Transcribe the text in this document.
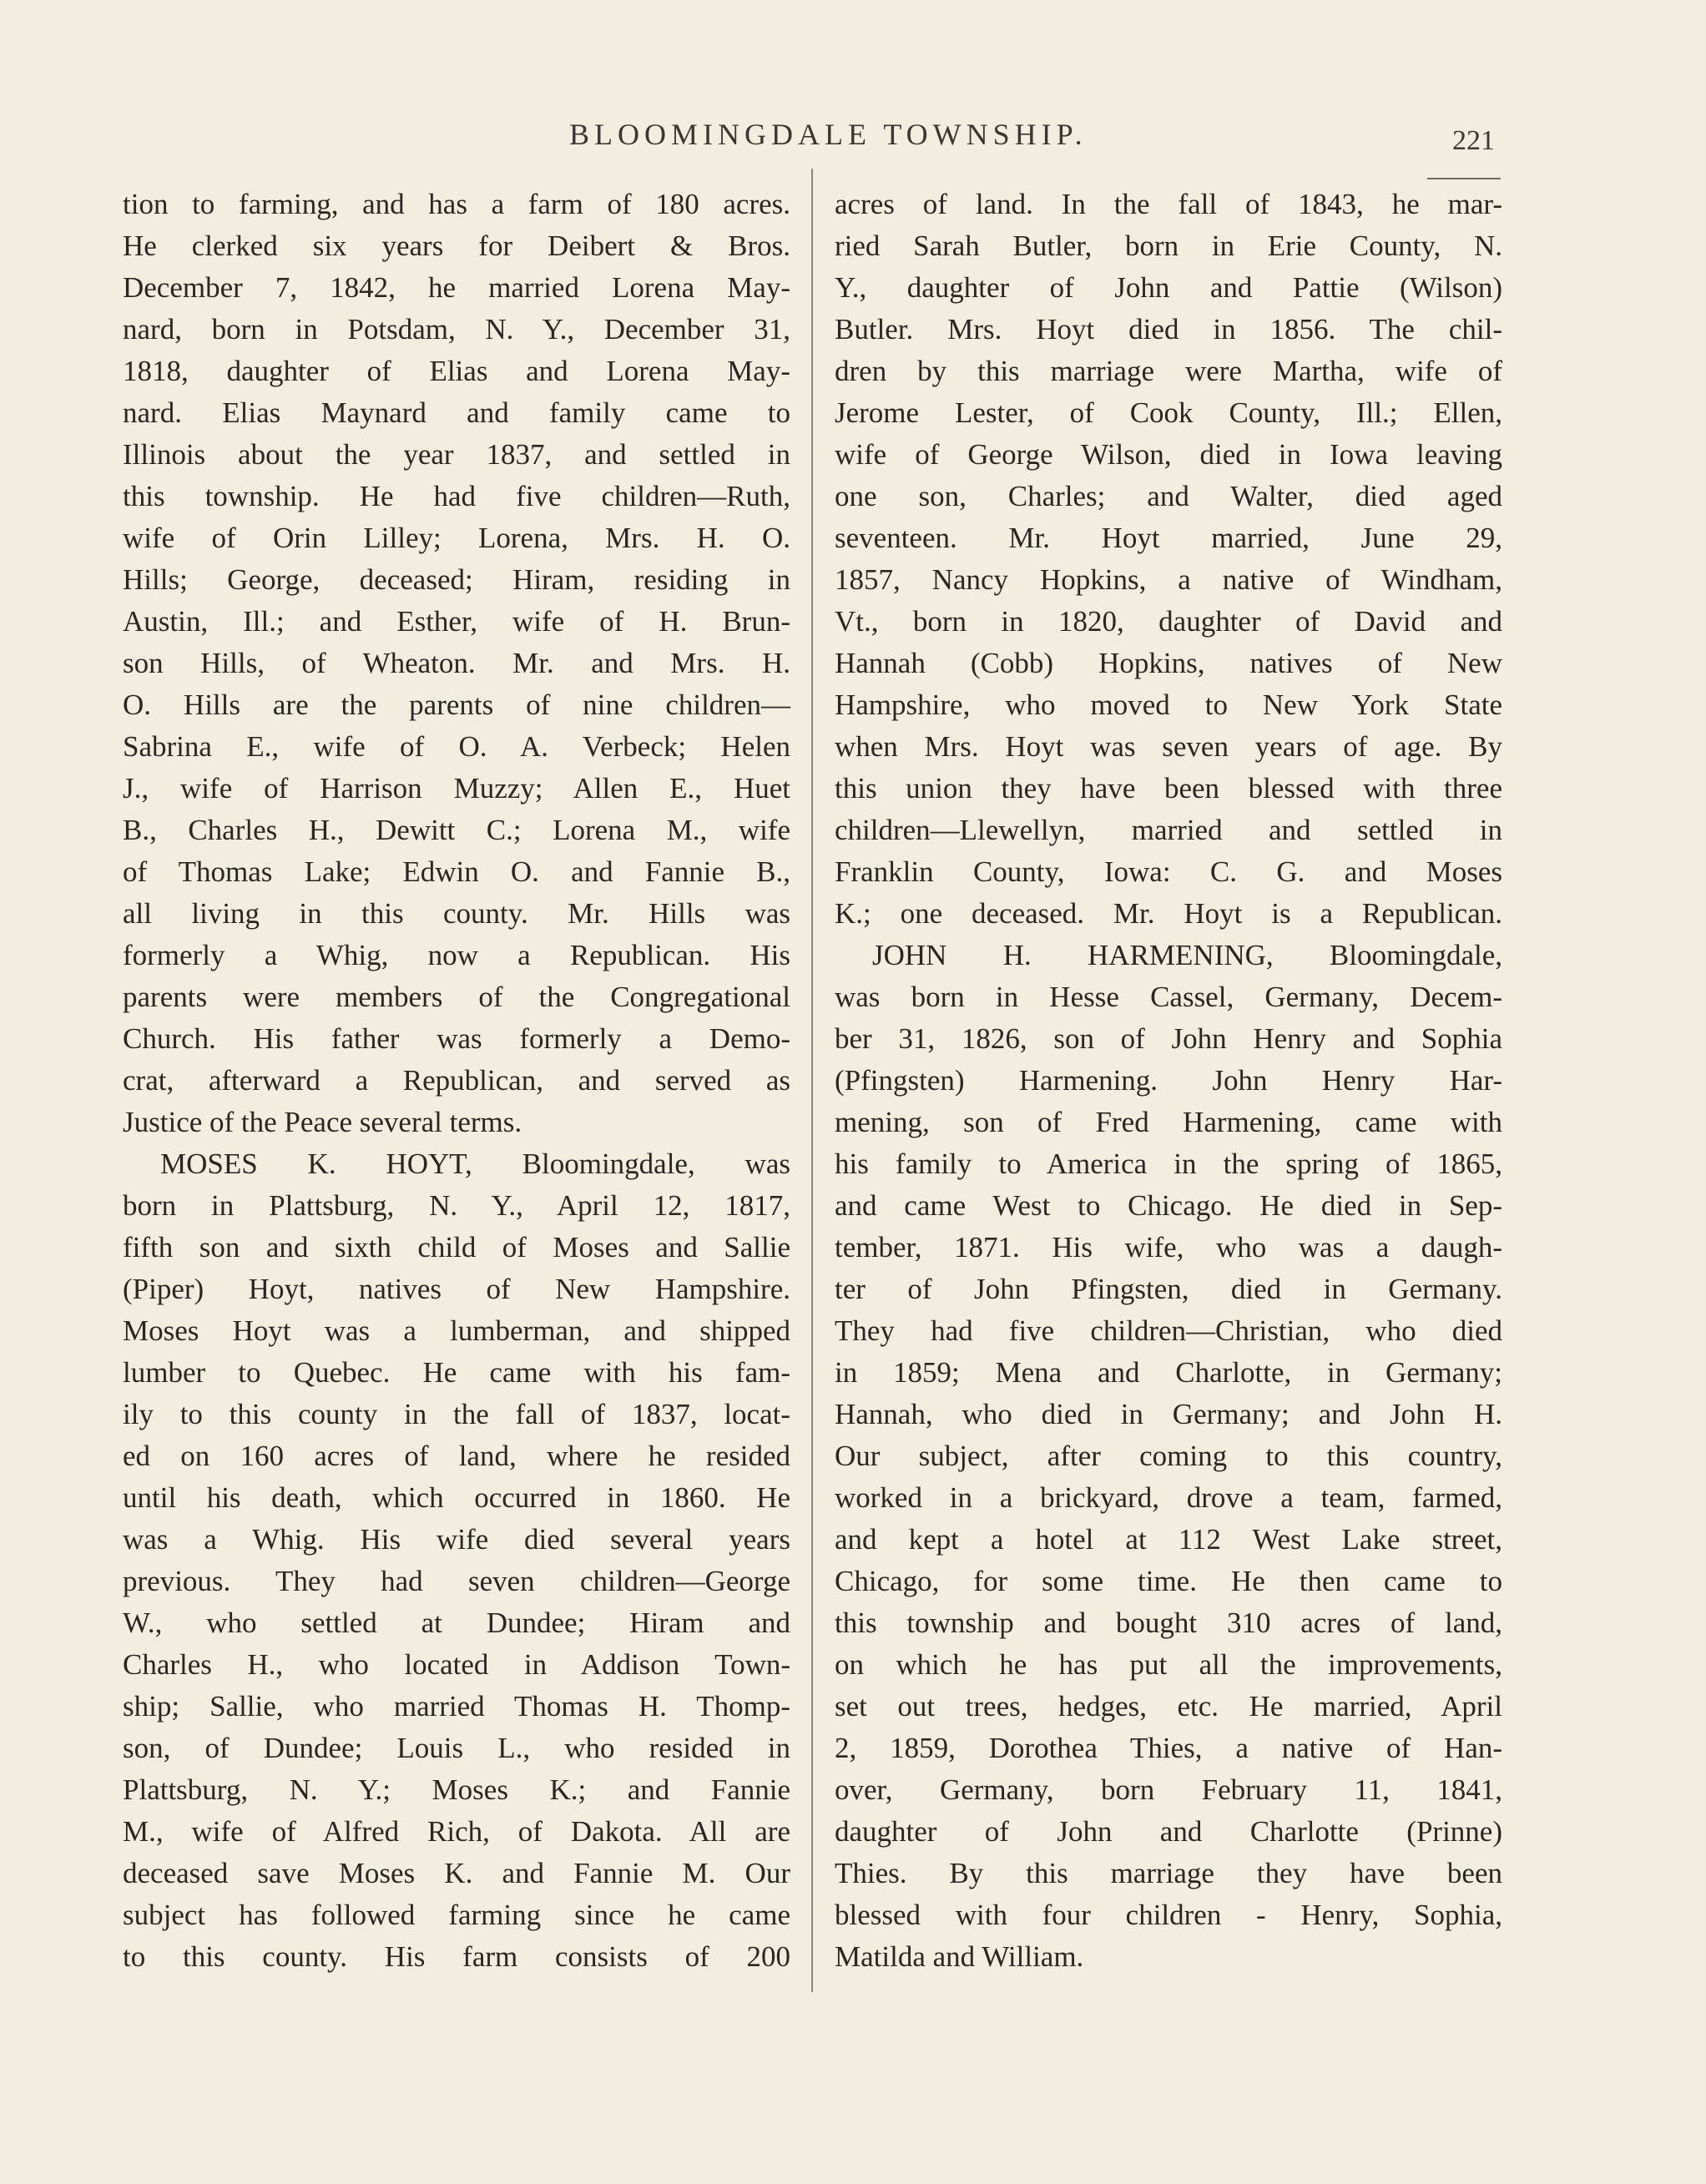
BLOOMINGDALE TOWNSHIP.	221
tion to farming, and has a farm of 180 acres.
He clerked six years for Deibert & Bros.
December 7, 1842, he married Lorena May-
nard, born in Potsdam, N. Y., December 31,
1818, daughter of Elias and Lorena May-
nard. Elias Maynard and family came to
Illinois about the year 1837, and settled in
this township. He had five children—Ruth,
wife of Orin Lilley; Lorena, Mrs. H. O.
Hills; George, deceased; Hiram, residing in
Austin, Ill.; and Esther, wife of H. Brun-
son Hills, of Wheaton. Mr. and Mrs. H.
O. Hills are the parents of nine children—
Sabrina E., wife of O. A. Verbeck; Helen
J., wife of Harrison Muzzy; Allen E., Huet
B., Charles H., Dewitt C.; Lorena M., wife
of Thomas Lake; Edwin O. and Fannie B.,
all living in this county. Mr. Hills was
formerly a Whig, now a Republican. His
parents were members of the Congregational
Church. His father was formerly a Demo-
crat, afterward a Republican, and served as
Justice of the Peace several terms.
MOSES K. HOYT, Bloomingdale, was
born in Plattsburg, N. Y., April 12, 1817,
fifth son and sixth child of Moses and Sallie
(Piper) Hoyt, natives of New Hampshire.
Moses Hoyt was a lumberman, and shipped
lumber to Quebec. He came with his fam-
ily to this county in the fall of 1837, locat-
ed on 160 acres of land, where he resided
until his death, which occurred in 1860. He
was a Whig. His wife died several years
previous. They had seven children—George
W., who settled at Dundee; Hiram and
Charles H., who located in Addison Town-
ship; Sallie, who married Thomas H. Thomp-
son, of Dundee; Louis L., who resided in
Plattsburg, N. Y.; Moses K.; and Fannie
M., wife of Alfred Rich, of Dakota. All are
deceased save Moses K. and Fannie M. Our
subject has followed farming since he came
to this county. His farm consists of 200
acres of land. In the fall of 1843, he mar-
ried Sarah Butler, born in Erie County, N.
Y., daughter of John and Pattie (Wilson)
Butler. Mrs. Hoyt died in 1856. The chil-
dren by this marriage were Martha, wife of
Jerome Lester, of Cook County, Ill.; Ellen,
wife of George Wilson, died in Iowa leaving
one son, Charles; and Walter, died aged
seventeen. Mr. Hoyt married, June 29,
1857, Nancy Hopkins, a native of Windham,
Vt., born in 1820, daughter of David and
Hannah (Cobb) Hopkins, natives of New
Hampshire, who moved to New York State
when Mrs. Hoyt was seven years of age. By
this union they have been blessed with three
children—Llewellyn, married and settled in
Franklin County, Iowa: C. G. and Moses
K.; one deceased. Mr. Hoyt is a Republican.
JOHN H. HARMENING, Bloomingdale,
was born in Hesse Cassel, Germany, Decem-
ber 31, 1826, son of John Henry and Sophia
(Pfingsten) Harmening. John Henry Har-
mening, son of Fred Harmening, came with
his family to America in the spring of 1865,
and came West to Chicago. He died in Sep-
tember, 1871. His wife, who was a daugh-
ter of John Pfingsten, died in Germany.
They had five children—Christian, who died
in 1859; Mena and Charlotte, in Germany;
Hannah, who died in Germany; and John H.
Our subject, after coming to this country,
worked in a brickyard, drove a team, farmed,
and kept a hotel at 112 West Lake street,
Chicago, for some time. He then came to
this township and bought 310 acres of land,
on which he has put all the improvements,
set out trees, hedges, etc. He married, April
2, 1859, Dorothea Thies, a native of Han-
over, Germany, born February 11, 1841,
daughter of John and Charlotte (Prinne)
Thies. By this marriage they have been
blessed with four children - Henry, Sophia,
Matilda and William.
